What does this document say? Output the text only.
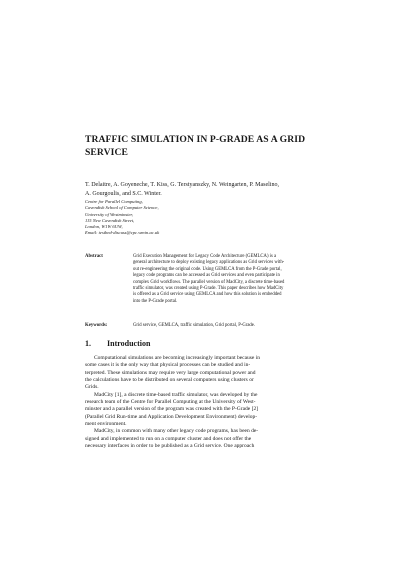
TRAFFIC SIMULATION IN P-GRADE AS A GRID
SERVICE
T. Delaitre, A. Goyeneche, T. Kiss, G. Terstyanszky, N. Weingarten, P. Maselino,
A. Gourgoulis, and S.C. Winter.
Centre for Parallel Computing,
Cavendish School of Computer Science,
University of Westminster,
115 New Cavendish Street,
London, W1W 6UW,
Email: testbed-discuss@cpc.wmin.ac.uk
Abstract	Grid Execution Management for Legacy Code Architecture (GEMLCA) is a
general architecture to deploy existing legacy applications as Grid services with-
out re-engineering the original code. Using GEMLCA from the P-Grade portal,
legacy code programs can be accessed as Grid services and even participate in
complex Grid workflows. The parallel version of MadCity, a discrete time-based
traffic simulator, was created using P-Grade. This paper describes how MadCity
is offered as a Grid service using GEMLCA and how this solution is embedded
into the P-Grade portal.
Keywords:	Grid service, GEMLCA, traffic simulation, Grid portal, P-Grade.
1. Introduction
Computational simulations are becoming increasingly important because in
some cases it is the only way that physical processes can be studied and in-
terpreted. These simulations may require very large computational power and
the calculations have to be distributed on several computers using clusters or
Grids.
MadCity [1], a discrete time-based traffic simulator, was developed by the
research team of the Centre for Parallel Computing at the University of West-
minster and a parallel version of the program was created with the P-Grade [2]
(Parallel Grid Run-time and Application Development Environment) develop-
ment environment.
MadCity, in common with many other legacy code programs, has been de-
signed and implemented to run on a computer cluster and does not offer the
necessary interfaces in order to be published as a Grid service. One approach
